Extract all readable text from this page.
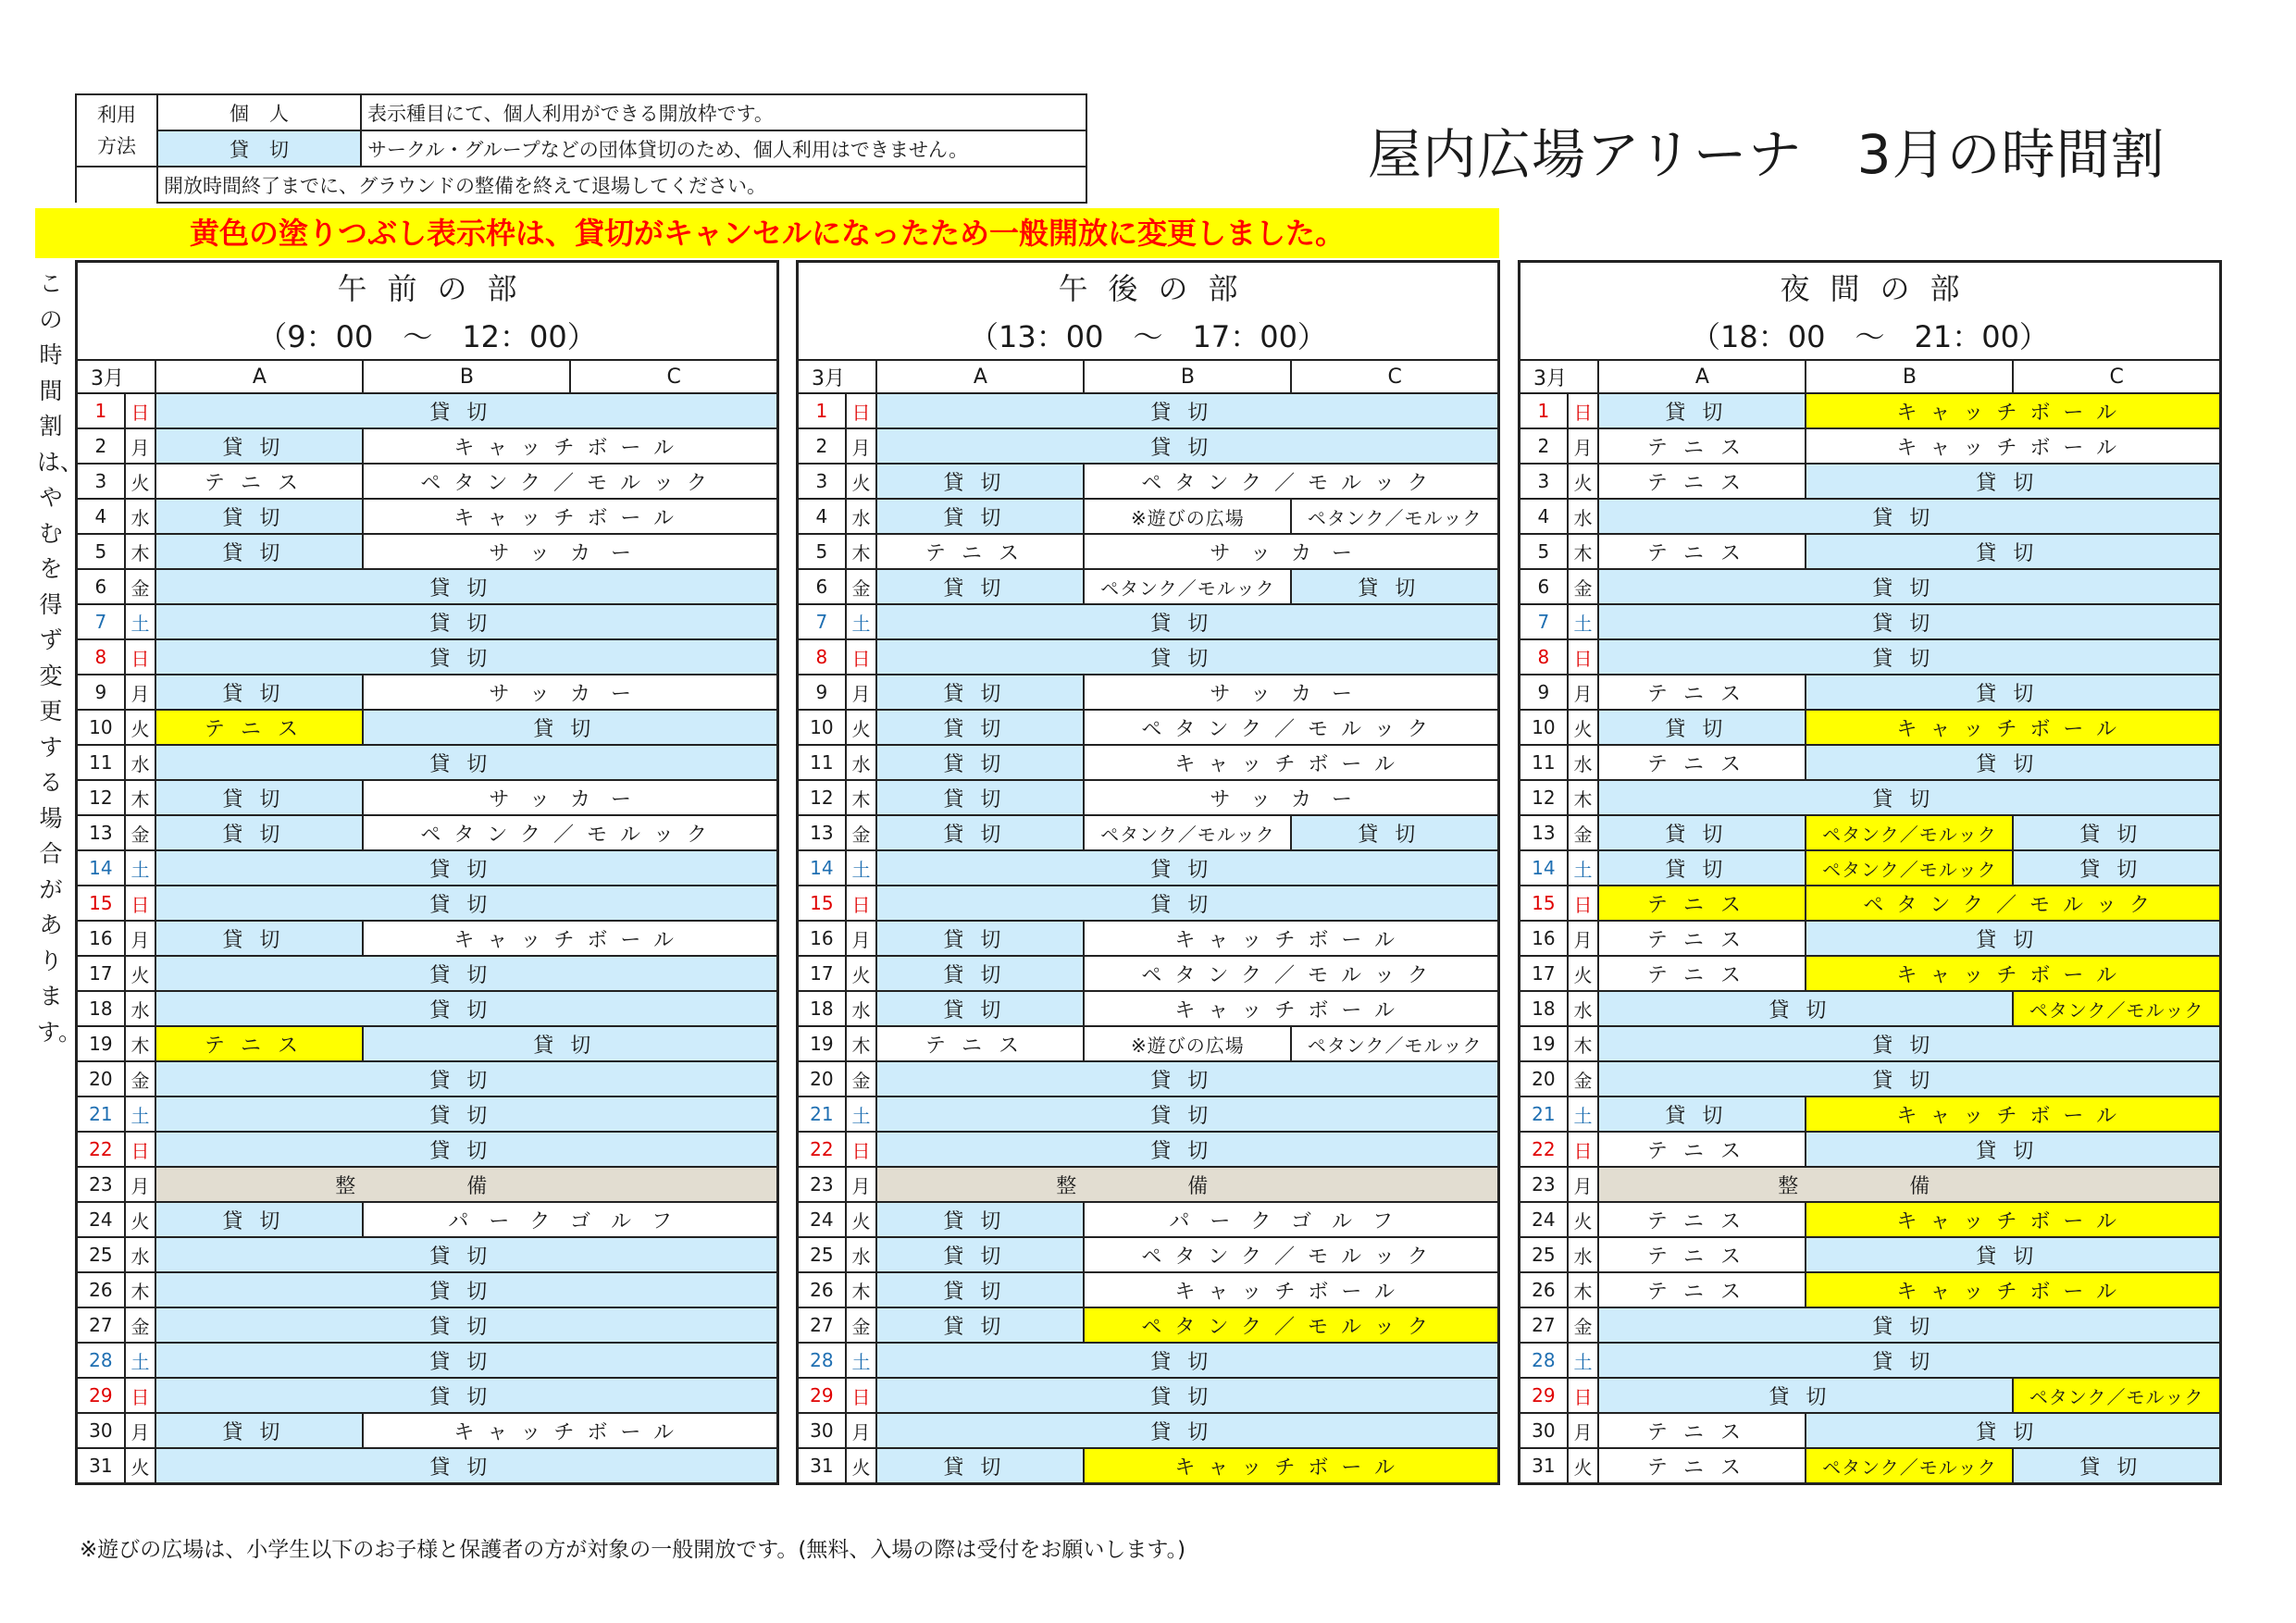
利用
方法	個人	表示種目にて、個人利用ができる開放枠です。
	貸切	サークル・グループなどの団体貸切のため、個人利用はできません。
	開放時間終了までに、グラウンドの整備を終えて退場してください。		屋内広場アリーナ　3月の時間割
黄色の塗りつぶし表示枠は、貸切がキャンセルになったため一般開放に変更しました。
この時間割は、やむを得ず変更する場合があります。
午前の部				
（9：00　～　12：00）				
3月		A	B	C
1	日	貸切		
2	月	貸切	キャッチボール	
3	火	テニス	ペタンク／モルック	
4	水	貸切	キャッチボール	
5	木	貸切	サッカー	
6	金	貸切		
7	土	貸切		
8	日	貸切		
9	月	貸切	サッカー	
10	火	テニス	貸切	
11	水	貸切		
12	木	貸切	サッカー	
13	金	貸切	ペタンク／モルック	
14	土	貸切		
15	日	貸切		
16	月	貸切	キャッチボール	
17	火	貸切		
18	水	貸切		
19	木	テニス	貸切	
20	金	貸切		
21	土	貸切		
22	日	貸切		
23	月	整備		
24	火	貸切	パークゴルフ	
25	水	貸切		
26	木	貸切		
27	金	貸切		
28	土	貸切		
29	日	貸切		
30	月	貸切	キャッチボール	
31	火	貸切		
午後の部				
（13：00　～　17：00）				
3月		A	B	C
1	日	貸切		
2	月	貸切		
3	火	貸切	ペタンク／モルック	
4	水	貸切	※遊びの広場	ペタンク／モルック
5	木	テニス	サッカー	
6	金	貸切	ペタンク／モルック	貸切
7	土	貸切		
8	日	貸切		
9	月	貸切	サッカー	
10	火	貸切	ペタンク／モルック	
11	水	貸切	キャッチボール	
12	木	貸切	サッカー	
13	金	貸切	ペタンク／モルック	貸切
14	土	貸切		
15	日	貸切		
16	月	貸切	キャッチボール	
17	火	貸切	ペタンク／モルック	
18	水	貸切	キャッチボール	
19	木	テニス	※遊びの広場	ペタンク／モルック
20	金	貸切		
21	土	貸切		
22	日	貸切		
23	月	整備		
24	火	貸切	パークゴルフ	
25	水	貸切	ペタンク／モルック	
26	木	貸切	キャッチボール	
27	金	貸切	ペタンク／モルック	
28	土	貸切		
29	日	貸切		
30	月	貸切		
31	火	貸切	キャッチボール	
夜間の部				
（18：00　～　21：00）				
3月		A	B	C
1	日	貸切	キャッチボール	
2	月	テニス	キャッチボール	
3	火	テニス	貸切	
4	水	貸切		
5	木	テニス	貸切	
6	金	貸切		
7	土	貸切		
8	日	貸切		
9	月	テニス	貸切	
10	火	貸切	キャッチボール	
11	水	テニス	貸切	
12	木	貸切		
13	金	貸切	ペタンク／モルック	貸切
14	土	貸切	ペタンク／モルック	貸切
15	日	テニス	ペタンク／モルック	
16	月	テニス	貸切	
17	火	テニス	キャッチボール	
18	水	貸切		ペタンク／モルック
19	木	貸切		
20	金	貸切		
21	土	貸切	キャッチボール	
22	日	テニス	貸切	
23	月	整備		
24	火	テニス	キャッチボール	
25	水	テニス	貸切	
26	木	テニス	キャッチボール	
27	金	貸切		
28	土	貸切		
29	日	貸切		ペタンク／モルック
30	月	テニス	貸切	
31	火	テニス	ペタンク／モルック	貸切
※遊びの広場は、小学生以下のお子様と保護者の方が対象の一般開放です。(無料、入場の際は受付をお願いします。)
